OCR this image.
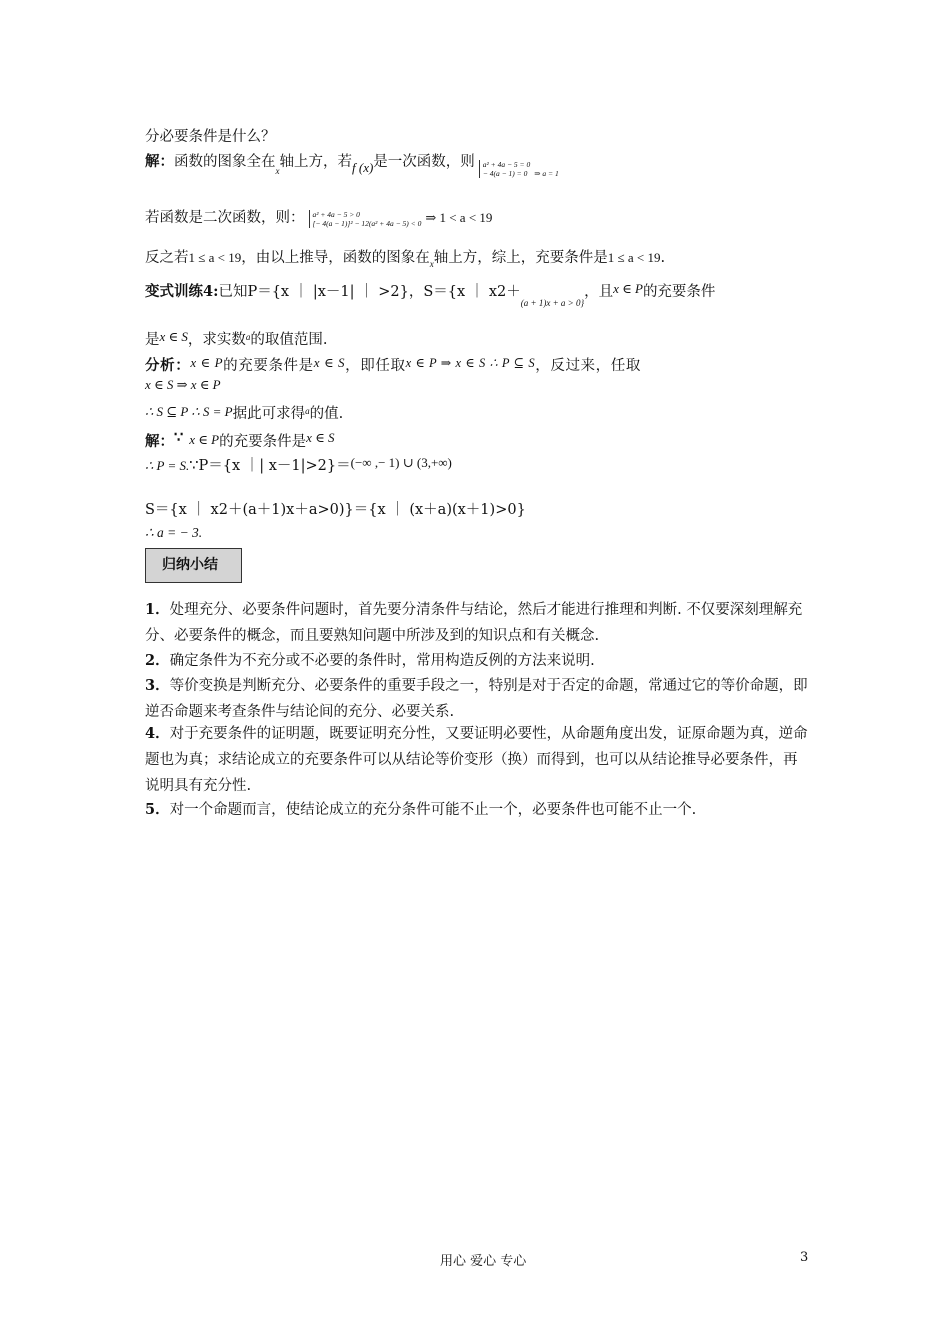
分必要条件是什么？
解：函数的图象全在$_x$轴上方，若f (x)是一次函数，则 a² + 4a − 5 = 0
− 4(a − 1) = 0 $_{\Rightarrow a = 1}$
若函数是二次函数，则： a² + 4a − 5 > 0
[− 4(a − 1)]² − 12(a² + 4a − 5) < 0 ⇒ 1 < a < 19
反之若1 ≤ a < 19，由以上推导，函数的图象在$_x$轴上方，综上，充要条件是1 ≤ a < 19.
变式训练4:已知P＝{x ｜ |x－1| ｜ >2}，S＝{x ｜ $x2+_{(a + 1)x + a > 0\}}$，且x ∈ P的充要条件
是x ∈ S，求实数$^a$的取值范围.
分析：x ∈ P的充要条件是x ∈ S，即任取x ∈ P ⇒ x ∈ S ∴ P ⊆ S，反过来，任取
x ∈ S ⇒ x ∈ P
∴ S ⊆ P ∴ S = P据此可求得$^a$的值.
解：∵ x ∈ P的充要条件是x ∈ S
∴ P = S.∵P＝{x ｜| x－1|>2}＝(−∞ ,− 1) ∪ (3,+∞)
S＝{x ｜ x2＋(a＋1)x＋a>0)}＝{x ｜ (x＋a)(x＋1)>0}
∴ a = − 3.
归纳小结
1．处理充分、必要条件问题时，首先要分清条件与结论，然后才能进行推理和判断. 不仅要深刻理解充分、必要条件的概念，而且要熟知问题中所涉及到的知识点和有关概念.
2．确定条件为不充分或不必要的条件时，常用构造反例的方法来说明.
3．等价变换是判断充分、必要条件的重要手段之一，特别是对于否定的命题，常通过它的等价命题，即逆否命题来考查条件与结论间的充分、必要关系.
4．对于充要条件的证明题，既要证明充分性，又要证明必要性，从命题角度出发，证原命题为真，逆命题也为真；求结论成立的充要条件可以从结论等价变形（换）而得到，也可以从结论推导必要条件，再说明具有充分性.
5．对一个命题而言，使结论成立的充分条件可能不止一个，必要条件也可能不止一个.
用心 爱心 专心	3
